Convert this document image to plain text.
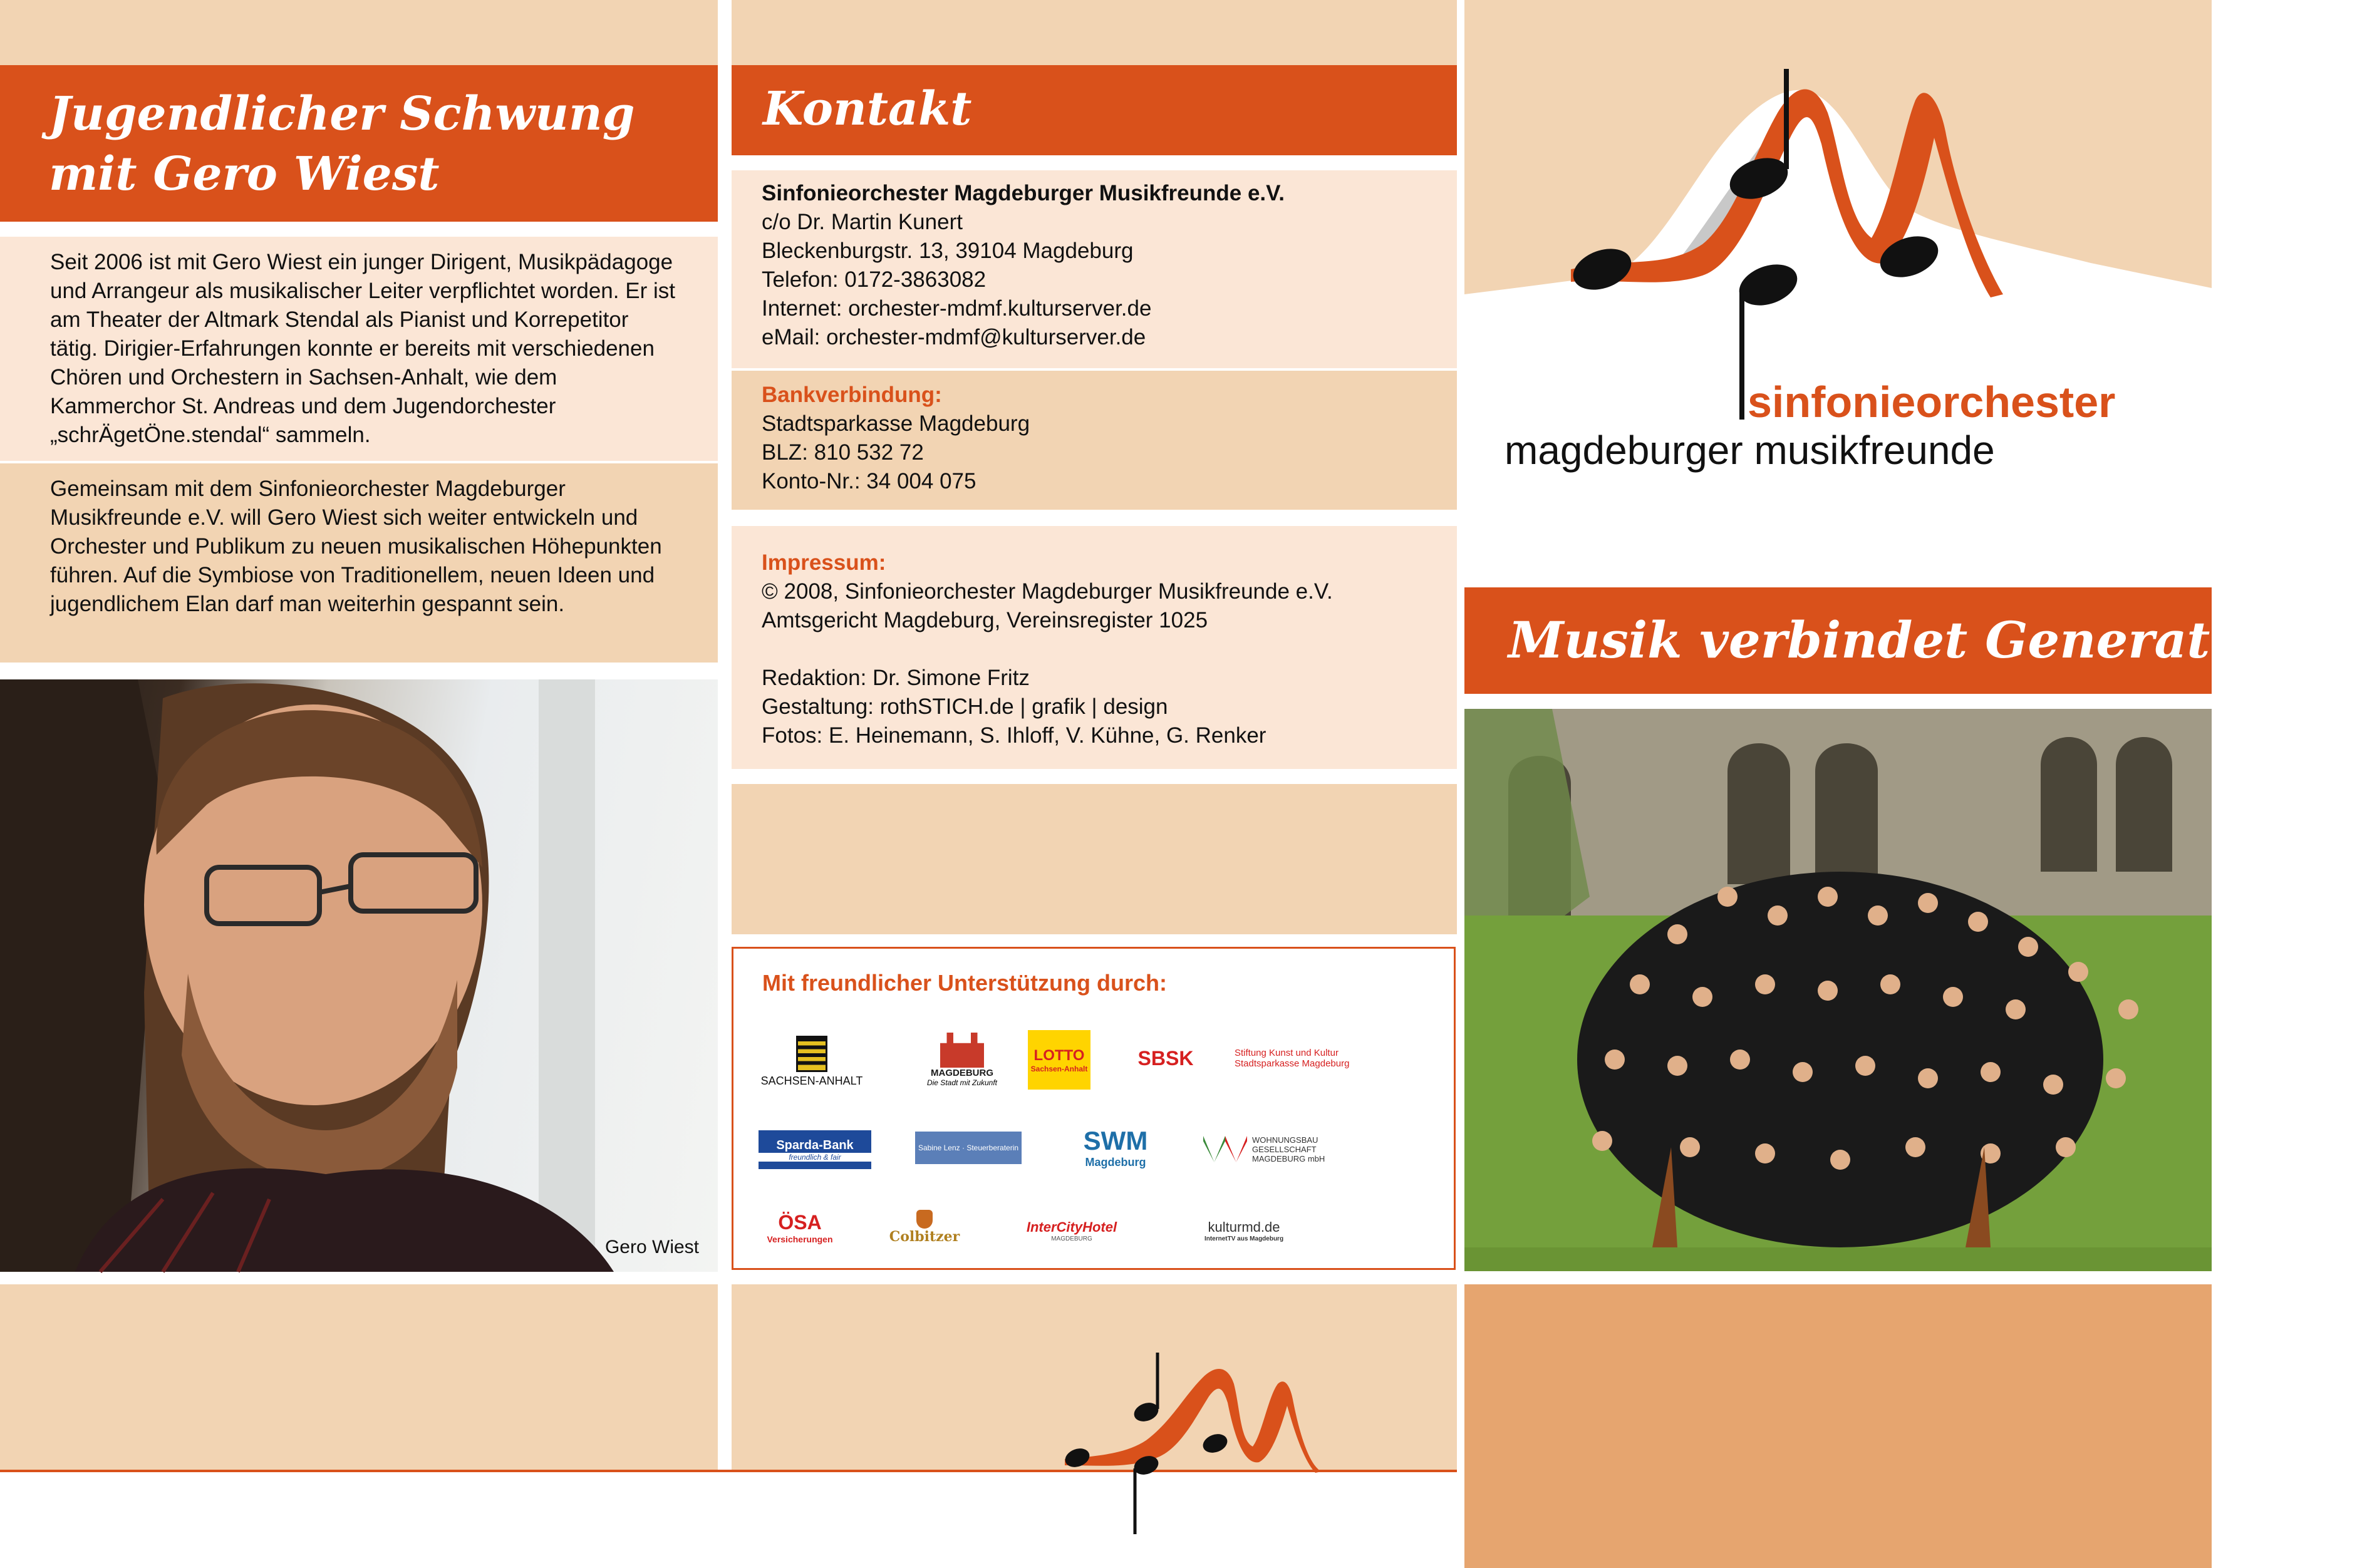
Jugendlicher Schwung
mit Gero Wiest

Seit 2006 ist mit Gero Wiest ein junger Dirigent, Musikpädagoge und Arrangeur als musikalischer Leiter verpflichtet worden. Er ist am Theater der Altmark Stendal als Pianist und Korrepetitor tätig. Dirigier-Erfahrungen konnte er bereits mit verschiedenen Chören und Orchestern in Sachsen-Anhalt, wie dem Kammerchor St. Andreas und dem Jugendorchester „schrÄgetÖne.stendal“ sammeln.

Gemeinsam mit dem Sinfonieorchester Magdeburger Musikfreunde e.V. will Gero Wiest sich weiter entwickeln und Orchester und Publikum zu neuen musikalischen Höhepunkten führen. Auf die Symbiose von Traditionellem, neuen Ideen und jugendlichem Elan darf man weiterhin gespannt sein.

Gero Wiest
Kontakt
Sinfonieorchester Magdeburger Musikfreunde e.V.
c/o Dr. Martin Kunert
Bleckenburgstr. 13, 39104 Magdeburg
Telefon: 0172-3863082
Internet: orchester-mdmf.kulturserver.de
eMail: orchester-mdmf@kulturserver.de
Bankverbindung:
Stadtsparkasse Magdeburg
BLZ: 810 532 72
Konto-Nr.: 34 004 075
Impressum:
© 2008, Sinfonieorchester Magdeburger Musikfreunde e.V.
Amtsgericht Magdeburg, Vereinsregister 1025
Redaktion: Dr. Simone Fritz
Gestaltung: rothSTICH.de | grafik | design
Fotos: E. Heinemann, S. Ihloff, V. Kühne, G. Renker
Mit freundlicher Unterstützung durch:
SACHSEN-ANHALT
MAGDEBURG
Die Stadt mit Zukunft
LOTTO
Sachsen-Anhalt	SBSK	Stiftung Kunst und Kultur
Stadtsparkasse Magdeburg
Sparda-Bank
freundlich & fair
Sabine Lenz · Steuerberaterin SWM
Magdeburg
WOHNUNGSBAU GESELLSCHAFT MAGDEBURG mbH
ÖSA
Versicherungen	Colbitzer
InterCityHotel
MAGDEBURG
kulturmd.de
InternetTV aus Magdeburg
sinfonieorchester
magdeburger musikfreunde
Musik verbindet Generationen
